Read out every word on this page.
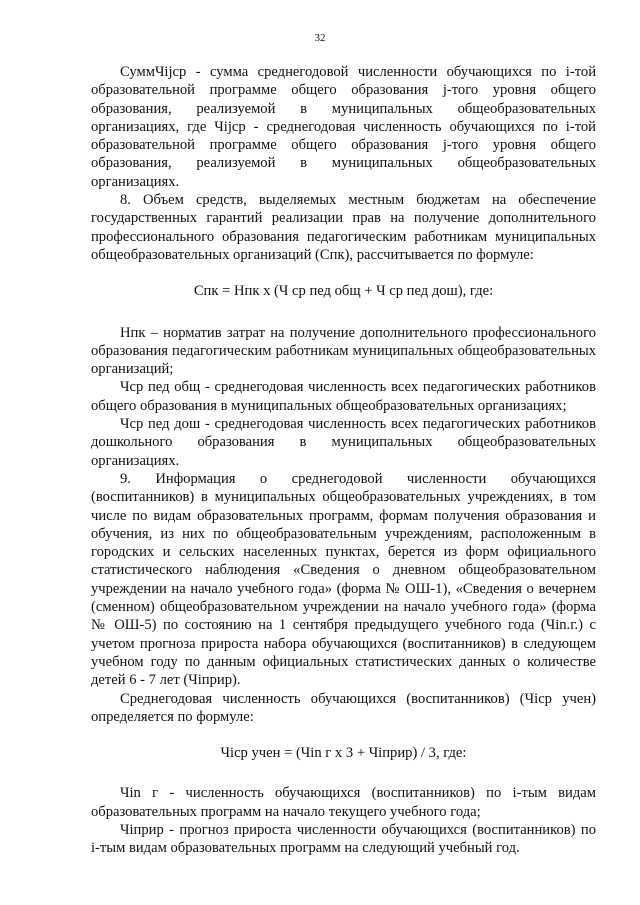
32

СуммЧijср - сумма среднегодовой численности обучающихся по i-той образовательной программе общего образования j-того уровня общего образования, реализуемой в муниципальных общеобразовательных организациях, где Чijср - среднегодовая численность обучающихся по i-той образовательной программе общего образования j-того уровня общего образования, реализуемой в муниципальных общеобразовательных организациях.

8. Объем средств, выделяемых местным бюджетам на обеспечение государственных гарантий реализации прав на получение дополнительного профессионального образования педагогическим работникам муниципальных общеобразовательных организаций (Спк), рассчитывается по формуле:

Спк = Нпк x (Ч ср пед общ + Ч ср пед дош), где:

Нпк – норматив затрат на получение дополнительного профессионального образования педагогическим работникам муниципальных общеобразовательных организаций;

Чср пед общ - среднегодовая численность всех педагогических работников общего образования в муниципальных общеобразовательных организациях;

Чср пед дош - среднегодовая численность всех педагогических работников дошкольного образования в муниципальных общеобразовательных организациях.

9. Информация о среднегодовой численности обучающихся (воспитанников) в муниципальных общеобразовательных учреждениях, в том числе по видам образовательных программ, формам получения образования и обучения, из них по общеобразовательным учреждениям, расположенным в городских и сельских населенных пунктах, берется из форм официального статистического наблюдения «Сведения о дневном общеобразовательном учреждении на начало учебного года» (форма № ОШ-1), «Сведения о вечернем (сменном) общеобразовательном учреждении на начало учебного года» (форма № ОШ-5) по состоянию на 1 сентября предыдущего учебного года (Чin.г.) с учетом прогноза прироста набора обучающихся (воспитанников) в следующем учебном году по данным официальных статистических данных о количестве детей 6 - 7 лет (Чiприр).

Среднегодовая численность обучающихся (воспитанников) (Чiср учен) определяется по формуле:

Чiср учен = (Чin г x 3 + Чiприр) / 3, где:

Чin г - численность обучающихся (воспитанников) по i-тым видам образовательных программ на начало текущего учебного года;

Чiприр - прогноз прироста численности обучающихся (воспитанников) по i-тым видам образовательных программ на следующий учебный год.
